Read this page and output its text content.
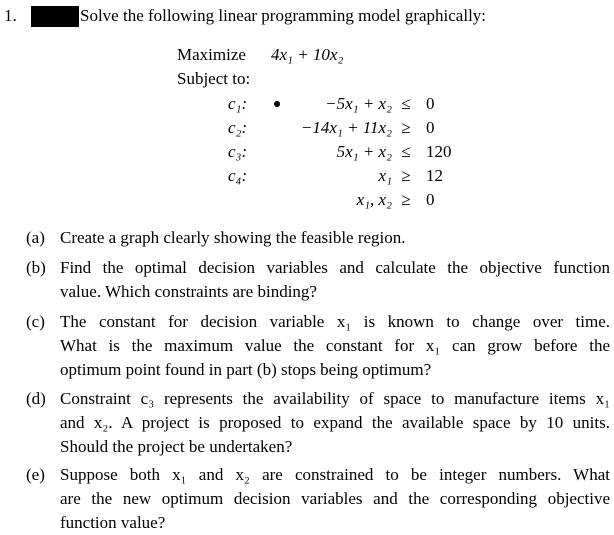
1.	Solve the following linear programming model graphically:
Maximize 4x₁ + 10x₂
Subject to:
c₁:	−5x₁ + x₂ ≤ 0
c₂:	−14x₁ + 11x₂ ≥ 0
c₃:	5x₁ + x₂ ≤ 120
c₄:	x₁ ≥ 12
x₁, x₂ ≥ 0
(a) Create a graph clearly showing the feasible region.
(b) Find the optimal decision variables and calculate the objective function
value. Which constraints are binding?
(c) The constant for decision variable x₁ is known to change over time.
What is the maximum value the constant for x₁ can grow before the
optimum point found in part (b) stops being optimum?
(d) Constraint c₃ represents the availability of space to manufacture items x₁
and x₂. A project is proposed to expand the available space by 10 units.
Should the project be undertaken?
(e) Suppose both x₁ and x₂ are constrained to be integer numbers. What
are the new optimum decision variables and the corresponding objective
function value?
